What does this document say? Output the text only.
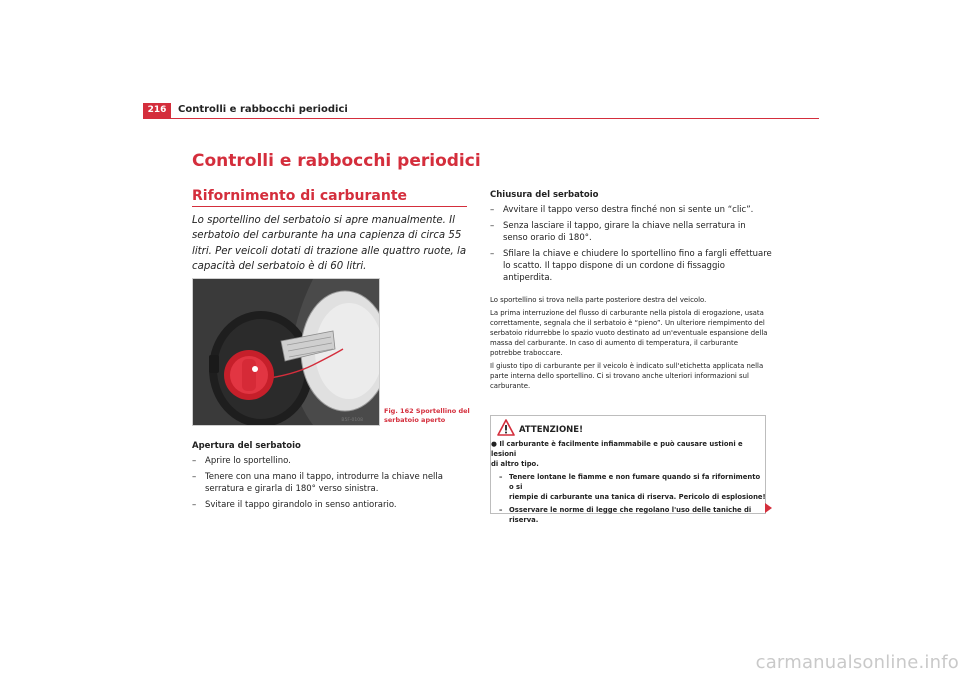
216	Controlli e rabbocchi periodici
Controlli e rabbocchi periodici
Rifornimento di carburante

Lo sportellino del serbatoio si apre manualmente. Il serbatoio del carburante ha una capienza di circa 55 litri. Per veicoli dotati di trazione alle quattro ruote, la capacità del serbatoio è di 60 litri.

B5F-0108

Fig. 162 Sportellino del
serbatoio aperto

Apertura del serbatoio

– Aprire lo sportellino.
– Tenere con una mano il tappo, introdurre la chiave nella serratura e girarla di 180° verso sinistra.
– Svitare il tappo girandolo in senso antiorario.

Chiusura del serbatoio

– Avvitare il tappo verso destra finché non si sente un “clic”.
– Senza lasciare il tappo, girare la chiave nella serratura in senso orario di 180°.
– Sfilare la chiave e chiudere lo sportellino fino a fargli effettuare lo scatto. Il tappo dispone di un cordone di fissaggio antiperdita.

Lo sportellino si trova nella parte posteriore destra del veicolo.

La prima interruzione del flusso di carburante nella pistola di erogazione, usata correttamente, segnala che il serbatoio è “pieno”. Un ulteriore riempimento del serbatoio ridurrebbe lo spazio vuoto destinato ad un'eventuale espansione della massa del carburante. In caso di aumento di temperatura, il carburante potrebbe traboccare.

Il giusto tipo di carburante per il veicolo è indicato sull'etichetta applicata nella parte interna dello sportellino. Ci si trovano anche ulteriori informazioni sul carburante.

ATTENZIONE!

● Il carburante è facilmente infiammabile e può causare ustioni e lesioni
di altro tipo.

– Tenere lontane le fiamme e non fumare quando si fa rifornimento o si
riempie di carburante una tanica di riserva. Pericolo di esplosione!

– Osservare le norme di legge che regolano l'uso delle taniche di
riserva.

carmanualsonline.info
